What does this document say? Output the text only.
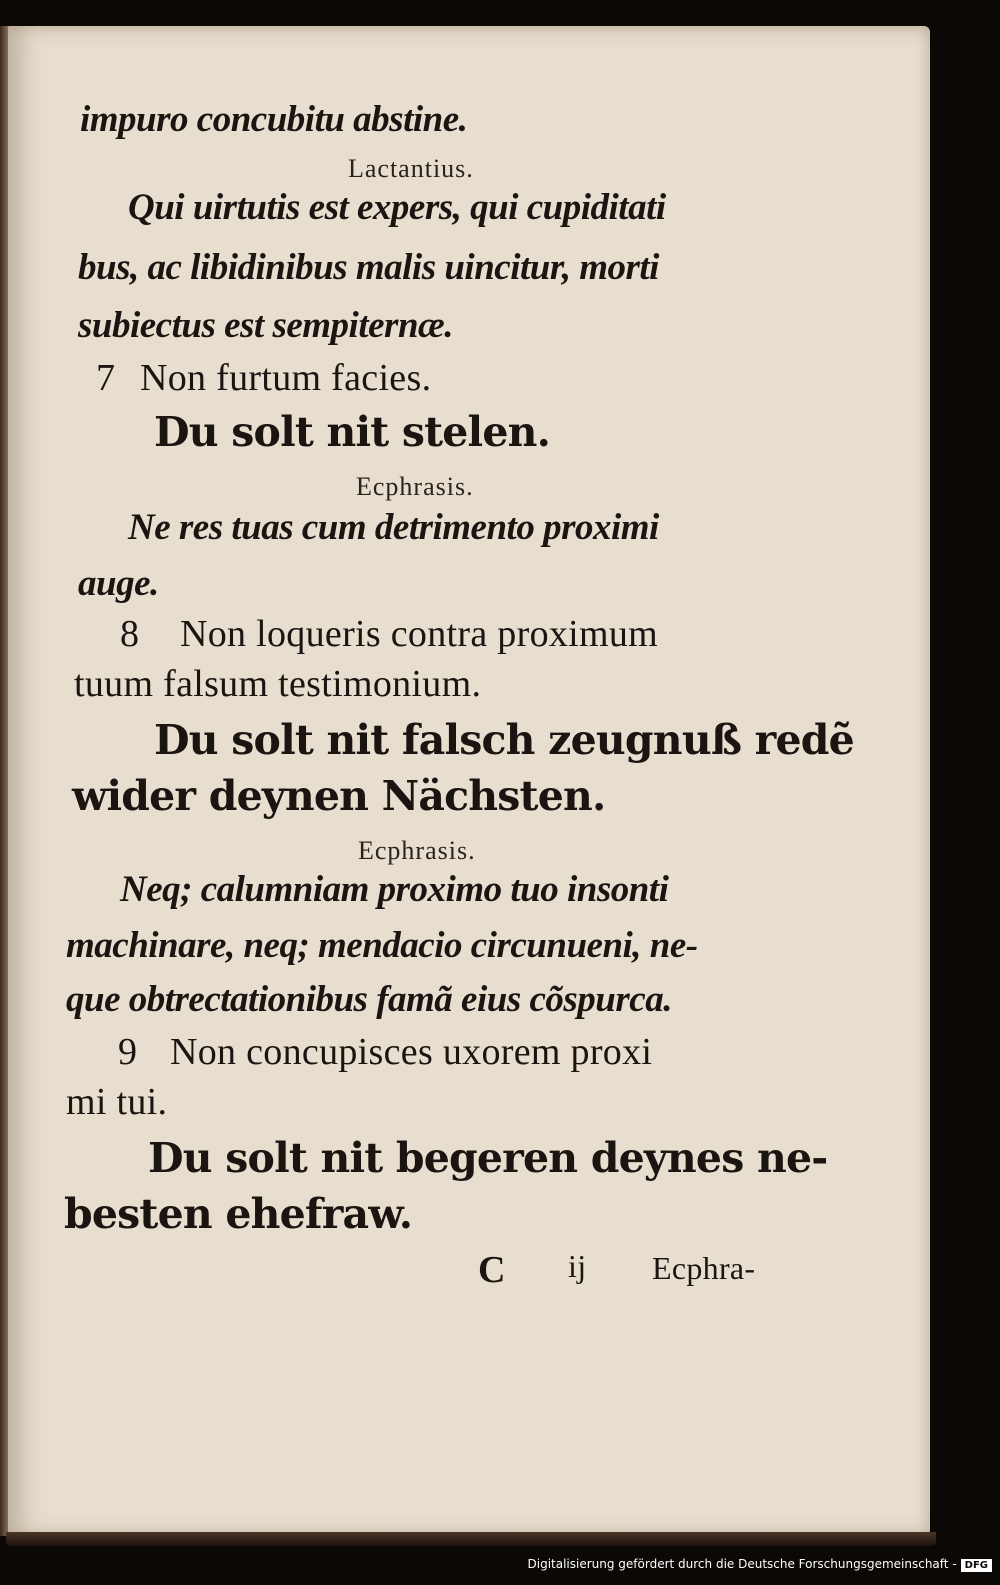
impuro concubitu abstine.

Lactantius.

Qui uirtutis est expers, qui cupiditati

bus, ac libidinibus malis uincitur, morti

subiectus est sempiternæ.

7 Non furtum facies.

Du solt nit stelen.

Ecphrasis.

Ne res tuas cum detrimento proximi

auge.

8 Non loqueris contra proximum

tuum falsum testimonium.

Du solt nit falsch zeugnuß redẽ

wider deynen Nächsten.

Ecphrasis.

Neq; calumniam proximo tuo insonti

machinare, neq; mendacio circunueni, ne-

que obtrectationibus famã eius cõspurca.

9 Non concupisces uxorem proxi

mi tui.

Du solt nit begeren deynes ne-

besten ehefraw.

C ij Ecphra-

Digitalisierung gefördert durch die Deutsche Forschungsgemeinschaft - DFG
